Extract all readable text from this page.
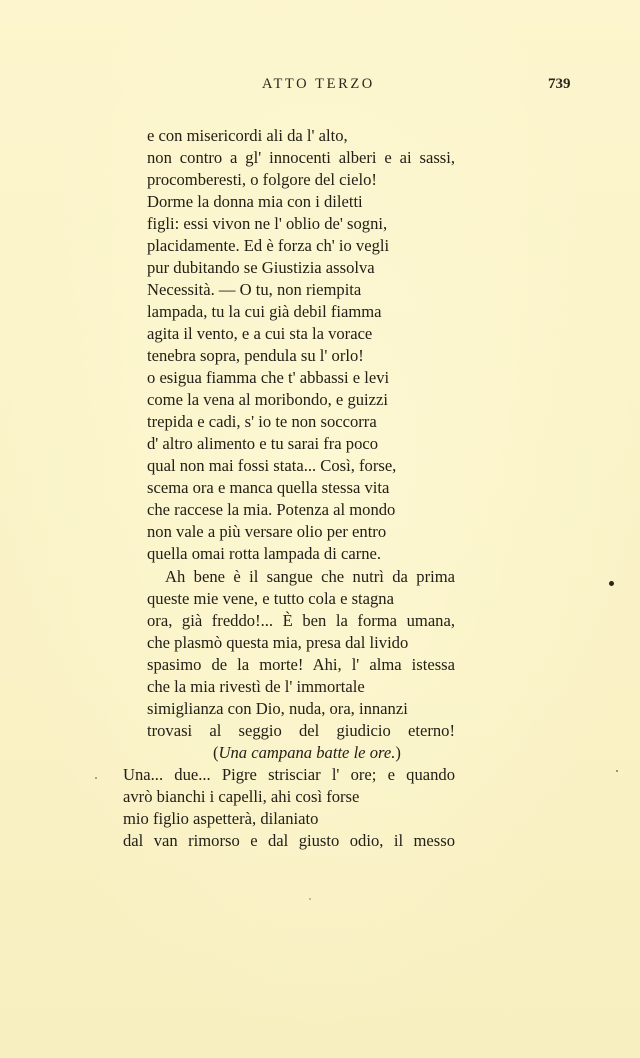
ATTO TERZO	739
e con misericordi ali da l' alto,
non contro a gl' innocenti alberi e ai sassi,
procomberesti, o folgore del cielo!
Dorme la donna mia con i diletti
figli: essi vivon ne l' oblio de' sogni,
placidamente. Ed è forza ch' io vegli
pur dubitando se Giustizia assolva
Necessità. — O tu, non riempita
lampada, tu la cui già debil fiamma
agita il vento, e a cui sta la vorace
tenebra sopra, pendula su l' orlo!
o esigua fiamma che t' abbassi e levi
come la vena al moribondo, e guizzi
trepida e cadi, s' io te non soccorra
d' altro alimento e tu sarai fra poco
qual non mai fossi stata... Così, forse,
scema ora e manca quella stessa vita
che raccese la mia. Potenza al mondo
non vale a più versare olio per entro
quella omai rotta lampada di carne.
Ah bene è il sangue che nutrì da prima
queste mie vene, e tutto cola e stagna
ora, già freddo!... È ben la forma umana,
che plasmò questa mia, presa dal livido
spasimo de la morte! Ahi, l' alma istessa
che la mia rivestì de l' immortale
simiglianza con Dio, nuda, ora, innanzi
trovasi al seggio del giudicio eterno!
(Una campana batte le ore.)
Una... due... Pigre strisciar l' ore; e quando
avrò bianchi i capelli, ahi così forse
mio figlio aspetterà, dilaniato
dal van rimorso e dal giusto odio, il messo
